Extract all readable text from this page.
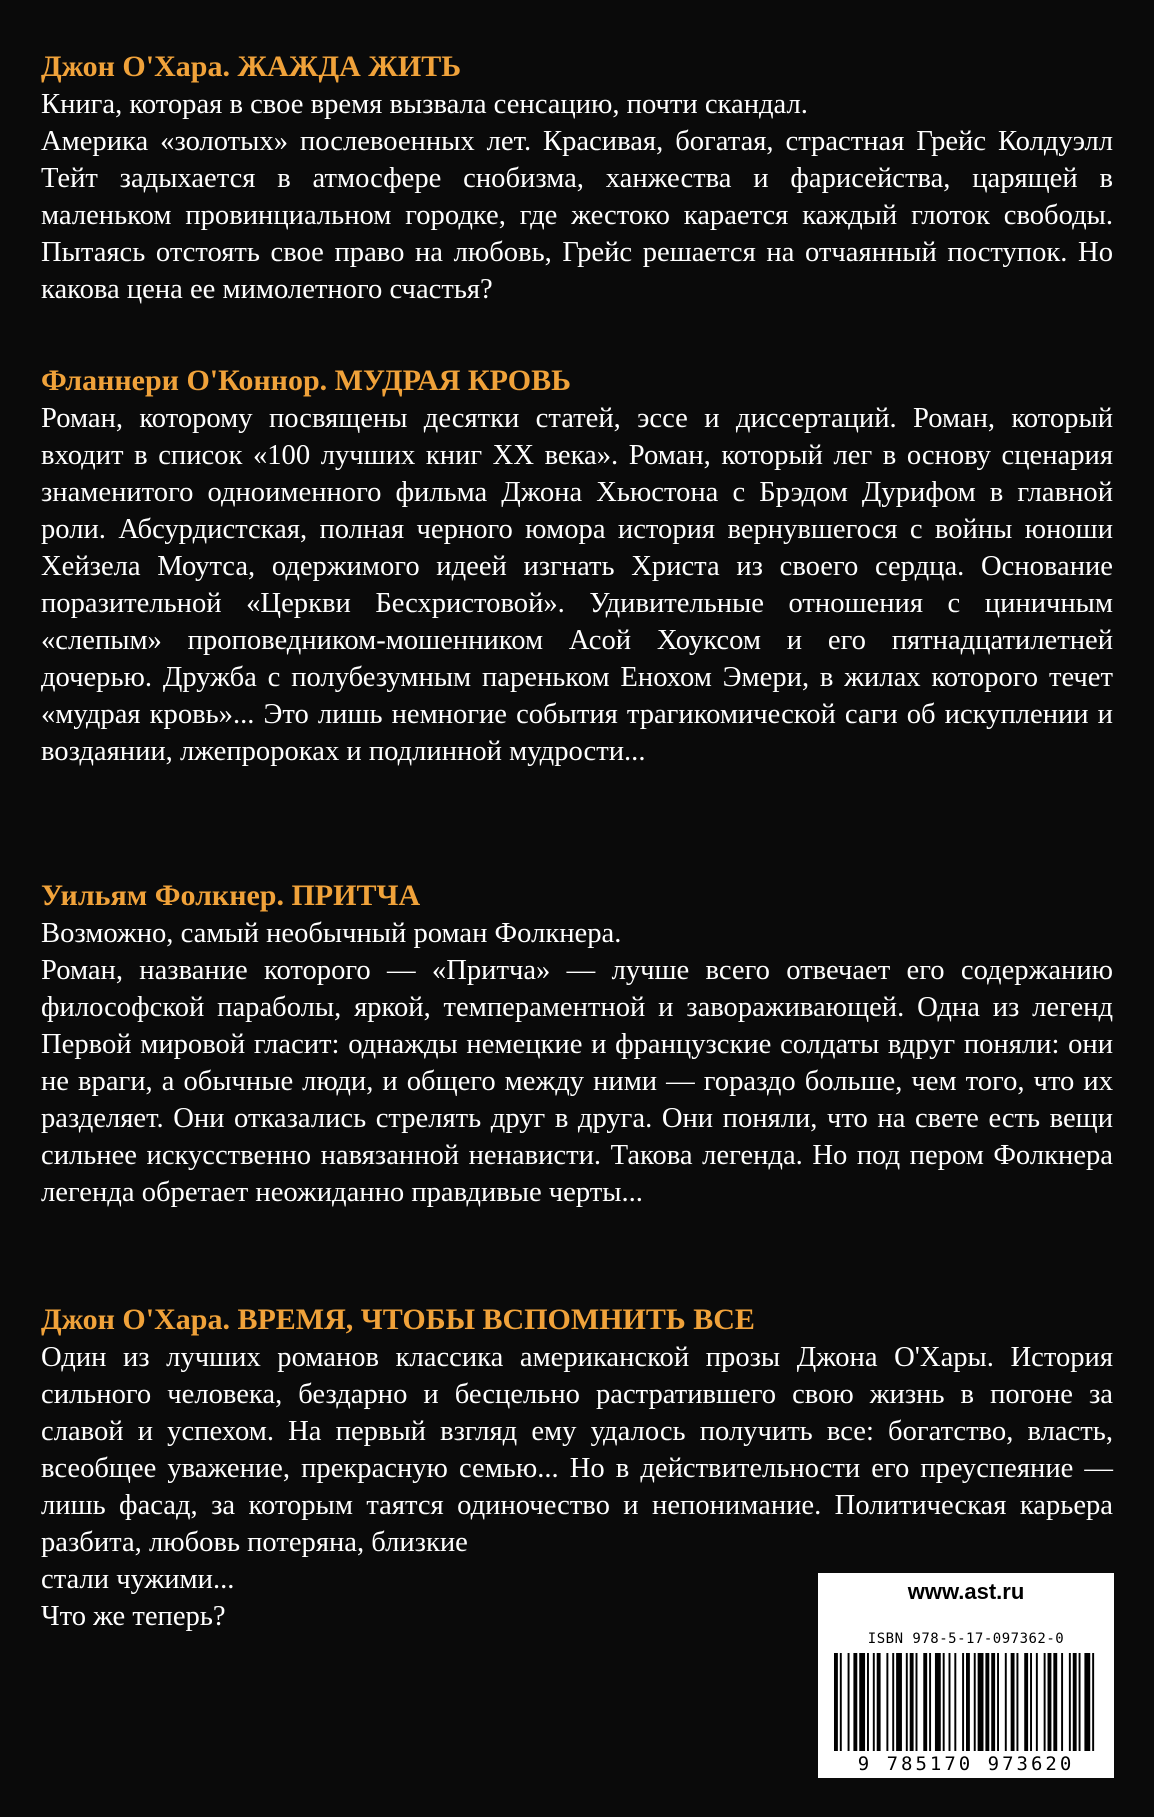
Джон О'Хара. ЖАЖДА ЖИТЬ

Книга, которая в свое время вызвала сенсацию, почти скандал.

Америка «золотых» послевоенных лет. Красивая, богатая, страстная Грейс Колдуэлл Тейт задыхается в атмосфере снобизма, ханжества и фарисейства, царящей в маленьком провинциальном городке, где жестоко карается каждый глоток свободы. Пытаясь отстоять свое право на любовь, Грейс решается на отчаянный поступок. Но какова цена ее мимолетного счастья?

Фланнери О'Коннор. МУДРАЯ КРОВЬ

Роман, которому посвящены десятки статей, эссе и диссертаций. Роман, который входит в список «100 лучших книг XX века». Роман, который лег в основу сценария знаменитого одноименного фильма Джона Хьюстона с Брэдом Дурифом в главной роли. Абсурдистская, полная черного юмора история вернувшегося с войны юноши Хейзела Моутса, одержимого идеей изгнать Христа из своего сердца. Основание поразительной «Церкви Бесхристовой». Удивительные отношения с циничным «слепым» проповедником-мошенником Асой Хоуксом и его пятнадцатилетней дочерью. Дружба с полубезумным пареньком Енохом Эмери, в жилах которого течет «мудрая кровь»... Это лишь немногие события трагикомической саги об искуплении и воздаянии, лжепророках и подлинной мудрости...

Уильям Фолкнер. ПРИТЧА

Возможно, самый необычный роман Фолкнера.

Роман, название которого — «Притча» — лучше всего отвечает его содержанию философской параболы, яркой, темпераментной и завораживающей. Одна из легенд Первой мировой гласит: однажды немецкие и французские солдаты вдруг поняли: они не враги, а обычные люди, и общего между ними — гораздо больше, чем того, что их разделяет. Они отказались стрелять друг в друга. Они поняли, что на свете есть вещи сильнее искусственно навязанной ненависти. Такова легенда. Но под пером Фолкнера легенда обретает неожиданно правдивые черты...

Джон О'Хара. ВРЕМЯ, ЧТОБЫ ВСПОМНИТЬ ВСЕ

Один из лучших романов классика американской прозы Джона О'Хары. История сильного человека, бездарно и бесцельно растратившего свою жизнь в погоне за славой и успехом. На первый взгляд ему удалось получить все: богатство, власть, всеобщее уважение, прекрасную семью... Но в действительности его преуспеяние — лишь фасад, за которым таятся одиночество и непонимание. Политическая карьера разбита, любовь потеряна, близкие

стали чужими...

Что же теперь?

www.ast.ru
ISBN 978-5-17-097362-0
9 785170 973620
